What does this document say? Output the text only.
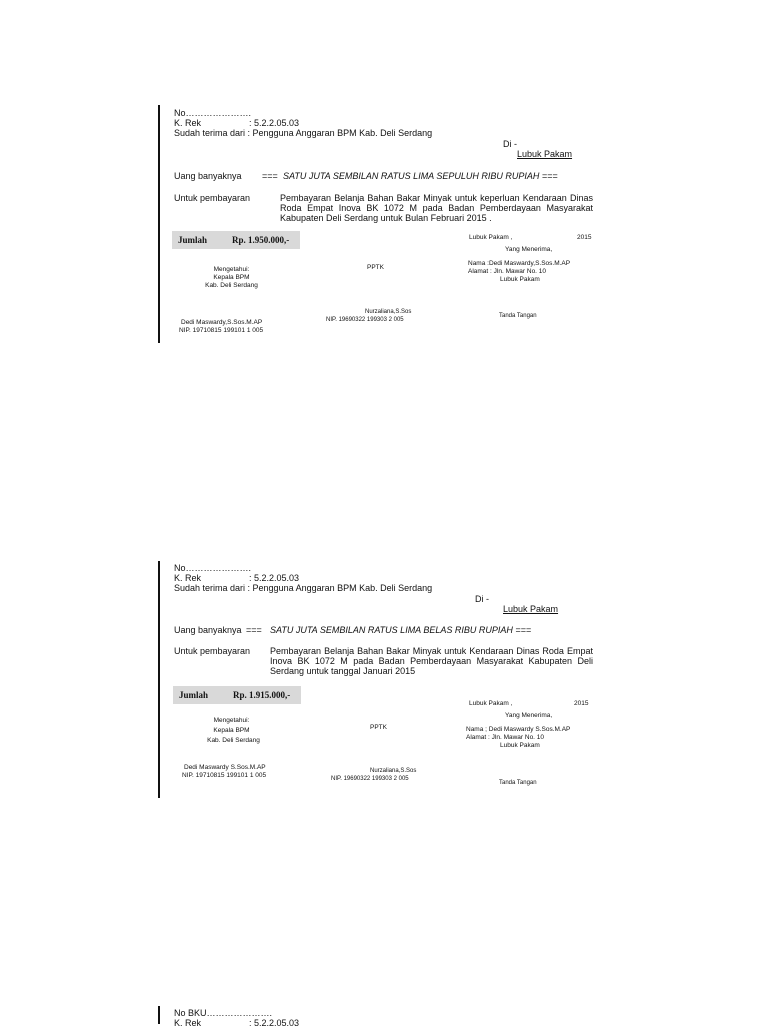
No………………….
K. Rek	: 5.2.2.05.03
Sudah terima dari : Pengguna Anggaran BPM Kab. Deli Serdang
Di -
Lubuk Pakam
Uang banyaknya === SATU JUTA SEMBILAN RATUS LIMA SEPULUH RIBU RUPIAH ===
Untuk pembayaran	Pembayaran Belanja Bahan Bakar Minyak untuk keperluan Kendaraan Dinas Roda Empat Inova BK 1072 M pada Badan Pemberdayaan Masyarakat Kabupaten Deli Serdang untuk Bulan Februari 2015 .
Jumlah	Rp. 1.950.000,-	Lubuk Pakam ,	2015
Yang Menerima,
Nama :Dedi Maswardy,S.Sos.M.AP
Alamat : Jln. Mawar No. 10
Lubuk Pakam
Mengetahui:
Kepala BPM
Kab. Deli Serdang
PPTK
Nurzaliana,S.Sos
NIP. 19690322 199303 2 005
Tanda Tangan
Dedi Maswardy,S.Sos.M.AP
NIP. 19710815 199101 1 005
No………………….
K. Rek	: 5.2.2.05.03
Sudah terima dari : Pengguna Anggaran BPM Kab. Deli Serdang
Di -
Lubuk Pakam
Uang banyaknya === SATU JUTA SEMBILAN RATUS LIMA BELAS RIBU RUPIAH ===
Untuk pembayaran Pembayaran Belanja Bahan Bakar Minyak untuk Kendaraan Dinas Roda Empat Inova BK 1072 M pada Badan Pemberdayaan Masyarakat Kabupaten Deli Serdang untuk tanggal Januari 2015
Jumlah	Rp. 1.915.000,-
Lubuk Pakam ,	2015
Yang Menerima,
Nama ; Dedi Maswardy S.Sos.M.AP
Alamat : Jln. Mawar No. 10
Lubuk Pakam
Mengetahui:
Kepala BPM
Kab. Deli Serdang
PPTK
Nurzaliana,S.Sos
NIP. 19690322 199303 2 005
Tanda Tangan
Dedi Maswardy S.Sos.M.AP
NIP. 19710815 199101 1 005
No BKU………………….
K. Rek	: 5.2.2.05.03
